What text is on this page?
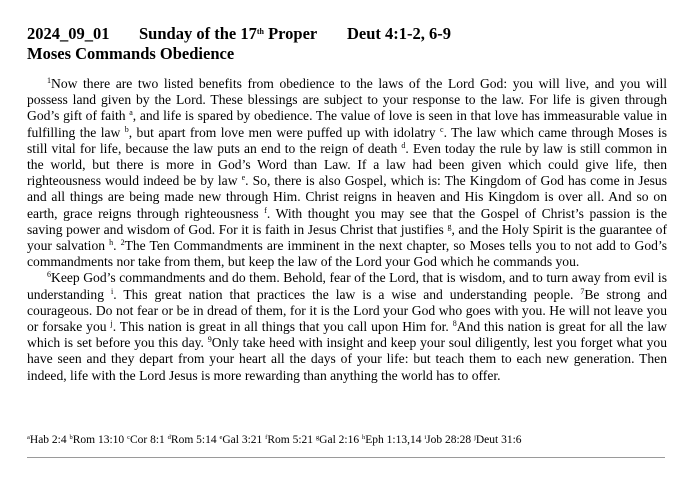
2024_09_01 Sunday of the 17th Proper Deut 4:1-2, 6-9
Moses Commands Obedience

$^1$Now there are two listed benefits from obedience to the laws of the Lord God: you will live, and you will possess land given by the Lord. These blessings are subject to your response to the law. For life is given through God’s gift of faith $^a$, and life is spared by obedience. The value of love is seen in that love has immeasurable value in fulfilling the law $^b$, but apart from love men were puffed up with idolatry $^c$. The law which came through Moses is still vital for life, because the law puts an end to the reign of death $^d$. Even today the rule by law is still common in the world, but there is more in God’s Word than Law. If a law had been given which could give life, then righteousness would indeed be by law $^e$. So, there is also Gospel, which is: The Kingdom of God has come in Jesus and all things are being made new through Him. Christ reigns in heaven and His Kingdom is over all. And so on earth, grace reigns through righteousness $^f$. With thought you may see that the Gospel of Christ’s passion is the saving power and wisdom of God. For it is faith in Jesus Christ that justifies $^g$, and the Holy Spirit is the guarantee of your salvation $^h$. $^2$The Ten Commandments are imminent in the next chapter, so Moses tells you to not add to God’s commandments nor take from them, but keep the law of the Lord your God which he commands you.

$^6$Keep God’s commandments and do them. Behold, fear of the Lord, that is wisdom, and to turn away from evil is understanding $^i$. This great nation that practices the law is a wise and understanding people. $^7$Be strong and courageous. Do not fear or be in dread of them, for it is the Lord your God who goes with you. He will not leave you or forsake you $^j$. This nation is great in all things that you call upon Him for. $^8$And this nation is great for all the law which is set before you this day. $^9$Only take heed with insight and keep your soul diligently, lest you forget what you have seen and they depart from your heart all the days of your life: but teach them to each new generation. Then indeed, life with the Lord Jesus is more rewarding than anything the world has to offer.

$^a$Hab 2:4 $^b$Rom 13:10 $^c$Cor 8:1 $^d$Rom 5:14 $^e$Gal 3:21 $^f$Rom 5:21 $^g$Gal 2:16 $^h$Eph 1:13,14 $^i$Job 28:28 $^j$Deut 31:6
